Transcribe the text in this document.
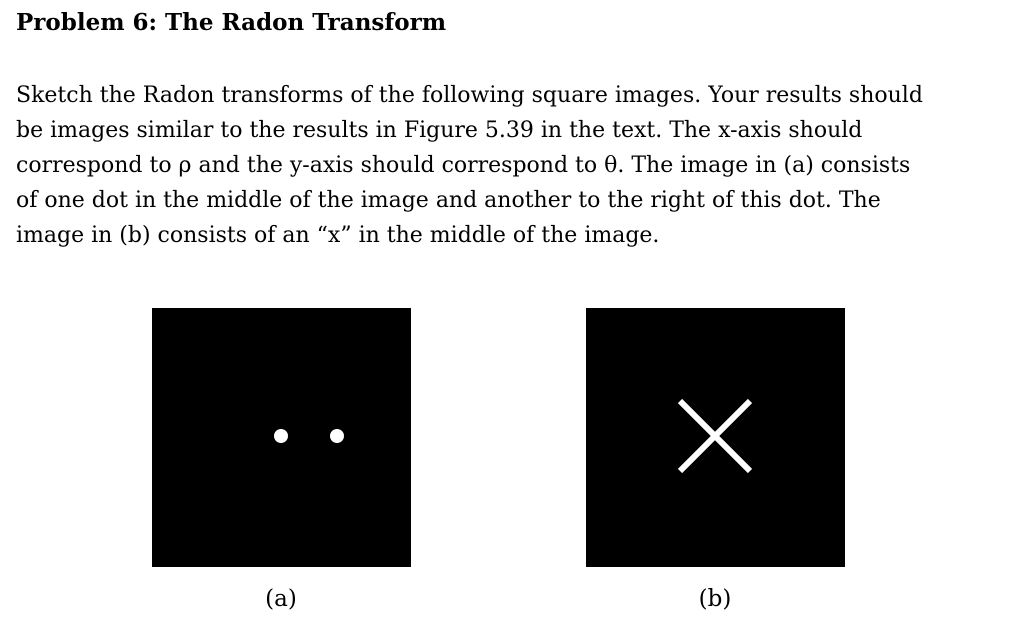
Problem 6: The Radon Transform
Sketch the Radon transforms of the following square images. Your results should
be images similar to the results in Figure 5.39 in the text. The x-axis should
correspond to ρ and the y-axis should correspond to θ. The image in (a) consists
of one dot in the middle of the image and another to the right of this dot. The
image in (b) consists of an “x” in the middle of the image.
(a)	(b)
